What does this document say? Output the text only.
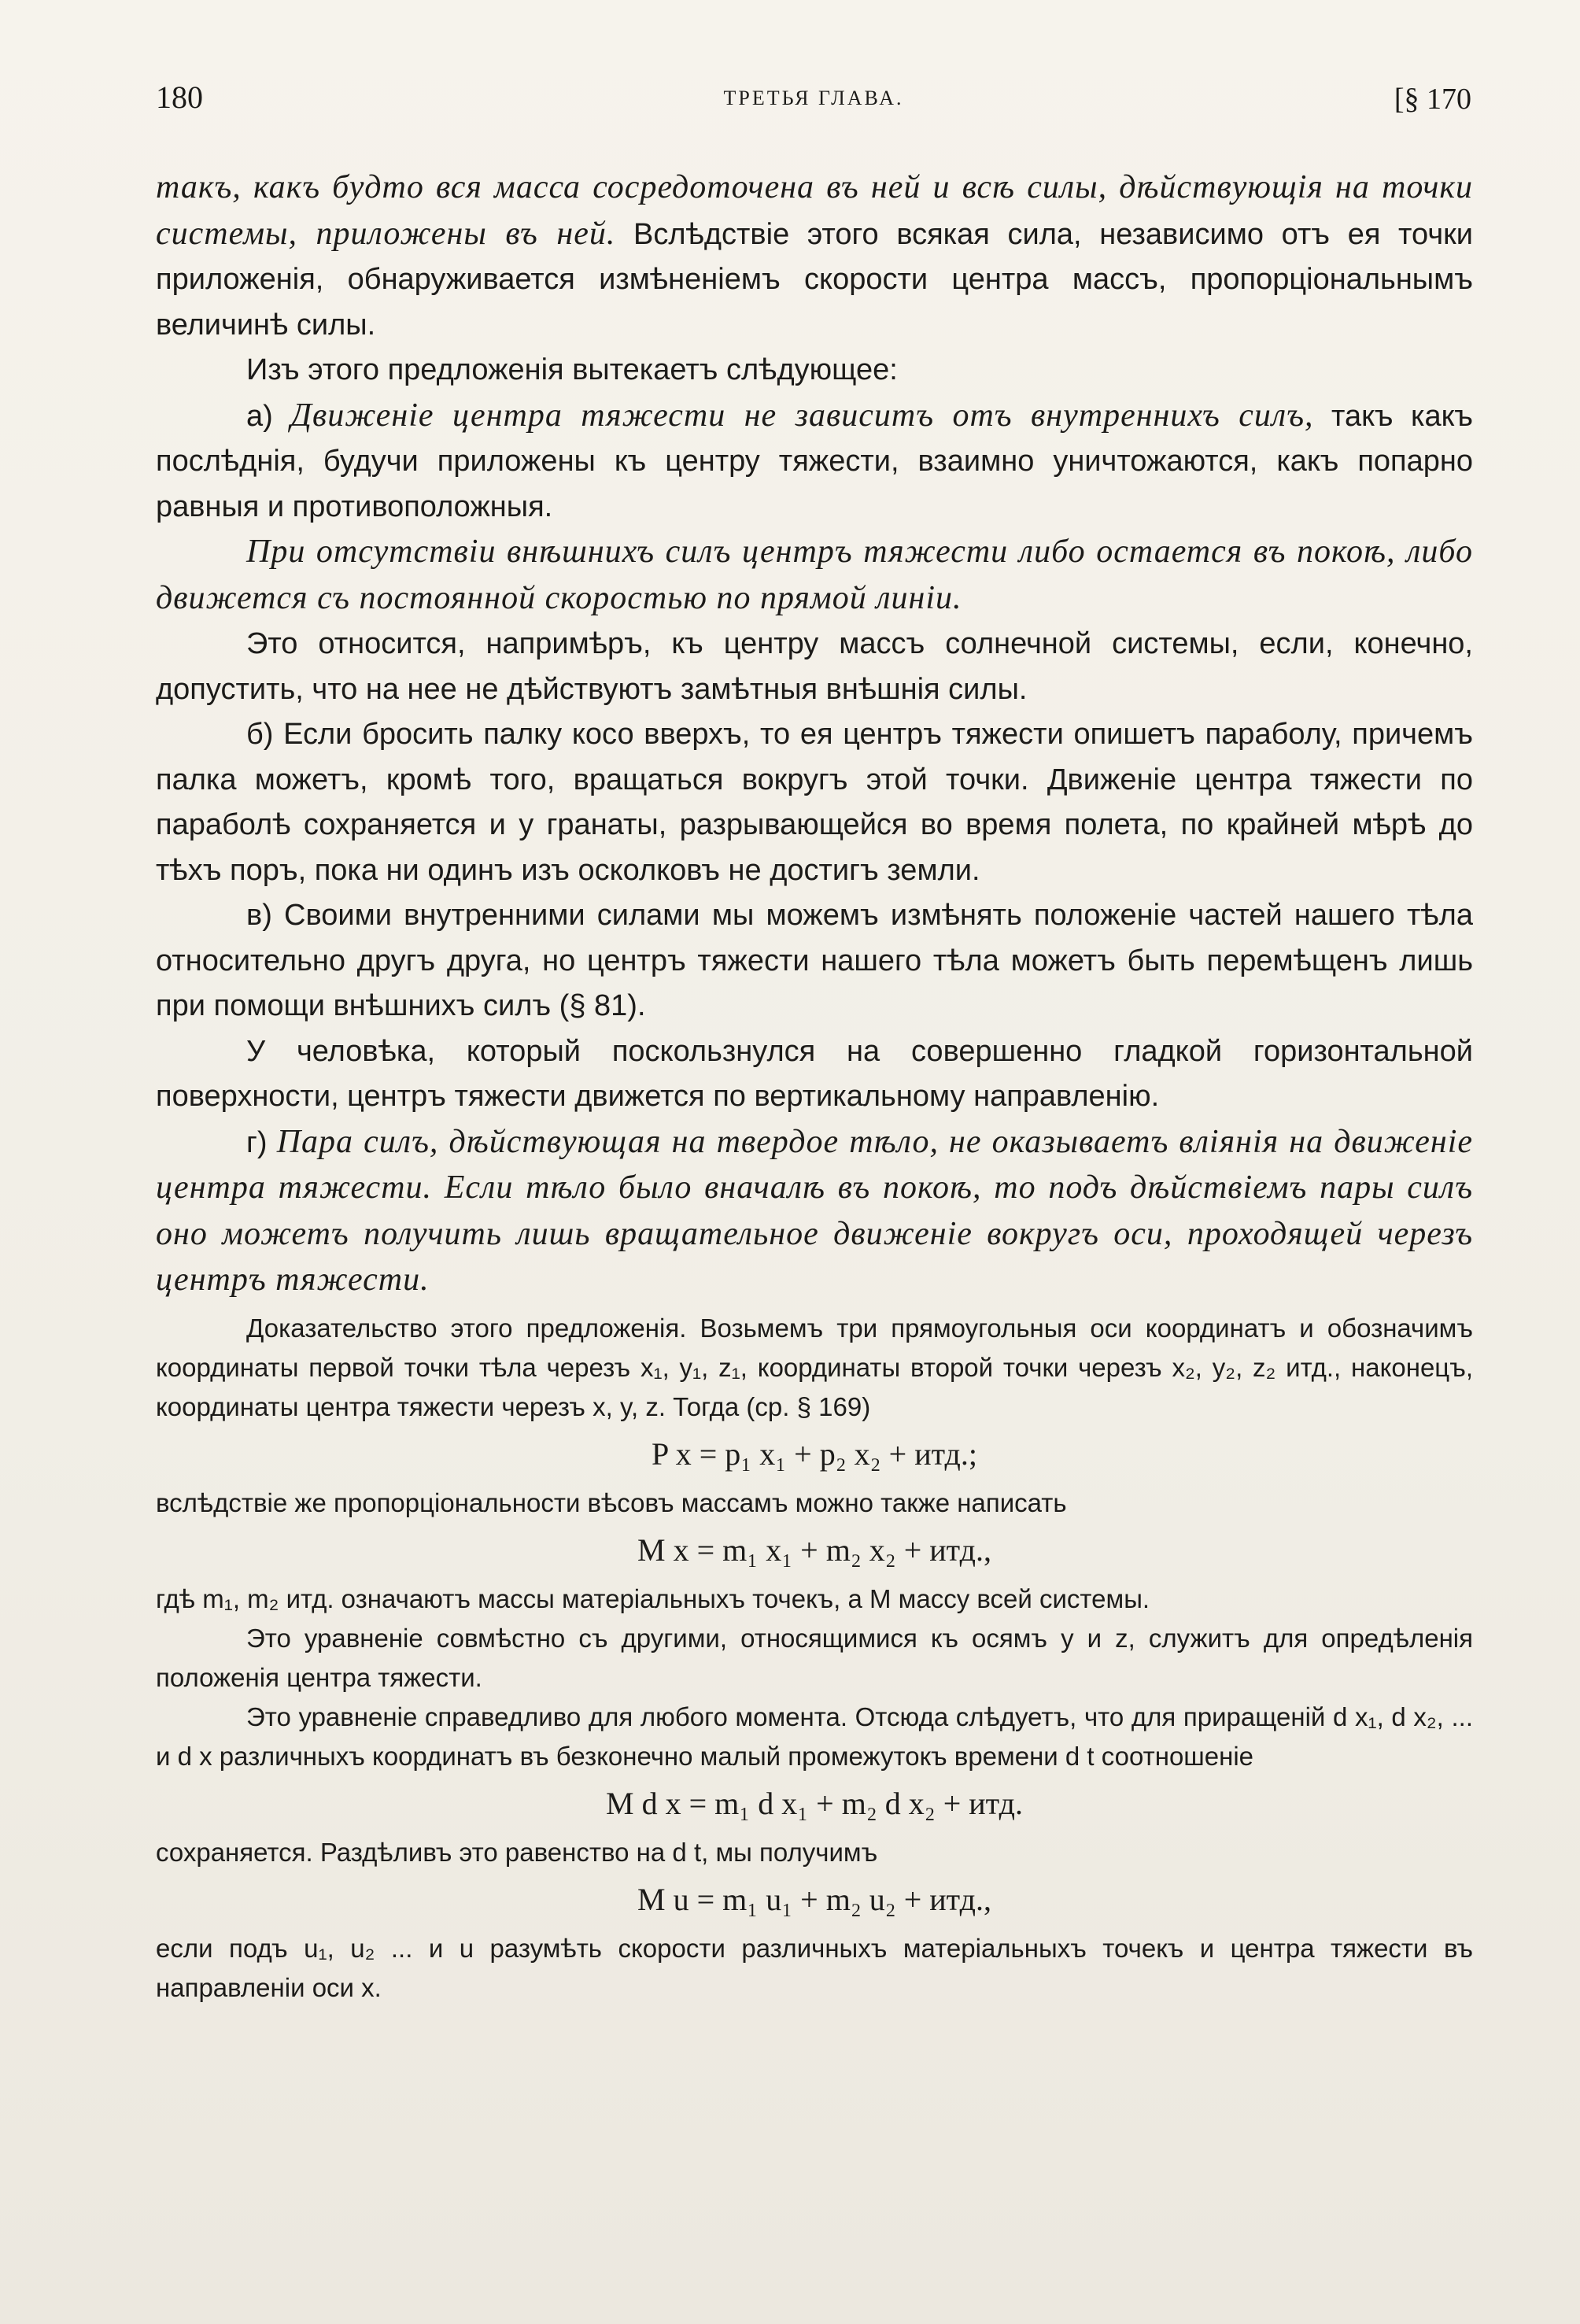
180	ТРЕТЬЯ ГЛАВА.	[§ 170

такъ, какъ будто вся масса сосредоточена въ ней и всѣ силы, дѣйствующія на точки системы, приложены въ ней. Вслѣдствіе этого всякая сила, независимо отъ ея точки приложенія, обнаруживается измѣненіемъ скорости центра массъ, пропорціональнымъ величинѣ силы.

Изъ этого предложенія вытекаетъ слѣдующее:

а) Движеніе центра тяжести не зависитъ отъ внутреннихъ силъ, такъ какъ послѣднія, будучи приложены къ центру тяжести, взаимно уничтожаются, какъ попарно равныя и противоположныя.

При отсутствіи внѣшнихъ силъ центръ тяжести либо остается въ покоѣ, либо движется съ постоянной скоростью по прямой линіи.

Это относится, напримѣръ, къ центру массъ солнечной системы, если, конечно, допустить, что на нее не дѣйствуютъ замѣтныя внѣшнія силы.

б) Если бросить палку косо вверхъ, то ея центръ тяжести опишетъ параболу, причемъ палка можетъ, кромѣ того, вращаться вокругъ этой точки. Движеніе центра тяжести по параболѣ сохраняется и у гранаты, разрывающейся во время полета, по крайней мѣрѣ до тѣхъ поръ, пока ни одинъ изъ осколковъ не достигъ земли.

в) Своими внутренними силами мы можемъ измѣнять положеніе частей нашего тѣла относительно другъ друга, но центръ тяжести нашего тѣла можетъ быть перемѣщенъ лишь при помощи внѣшнихъ силъ (§ 81).

У человѣка, который поскользнулся на совершенно гладкой горизонтальной поверхности, центръ тяжести движется по вертикальному направленію.

г) Пара силъ, дѣйствующая на твердое тѣло, не оказываетъ вліянія на движеніе центра тяжести. Если тѣло было вначалѣ въ покоѣ, то подъ дѣйствіемъ пары силъ оно можетъ получить лишь вращательное движеніе вокругъ оси, проходящей черезъ центръ тяжести.

Доказательство этого предложенія. Возьмемъ три прямоугольныя оси координатъ и обозначимъ координаты первой точки тѣла черезъ x₁, y₁, z₁, координаты второй точки черезъ x₂, y₂, z₂ итд., наконецъ, координаты центра тяжести черезъ x, y, z. Тогда (ср. § 169)

P x = p₁ x₁ + p₂ x₂ + итд.;

вслѣдствіе же пропорціональности вѣсовъ массамъ можно также написать

M x = m₁ x₁ + m₂ x₂ + итд.,

гдѣ m₁, m₂ итд. означаютъ массы матеріальныхъ точекъ, а M массу всей системы.

Это уравненіе совмѣстно съ другими, относящимися къ осямъ y и z, служитъ для опредѣленія положенія центра тяжести.

Это уравненіе справедливо для любого момента. Отсюда слѣдуетъ, что для приращеній d x₁, d x₂, ... и d x различныхъ координатъ въ безконечно малый промежутокъ времени d t соотношеніе

M d x = m₁ d x₁ + m₂ d x₂ + итд.

сохраняется. Раздѣливъ это равенство на d t, мы получимъ

M u = m₁ u₁ + m₂ u₂ + итд.,

если подъ u₁, u₂ ... и u разумѣть скорости различныхъ матеріальныхъ точекъ и центра тяжести въ направленіи оси x.
